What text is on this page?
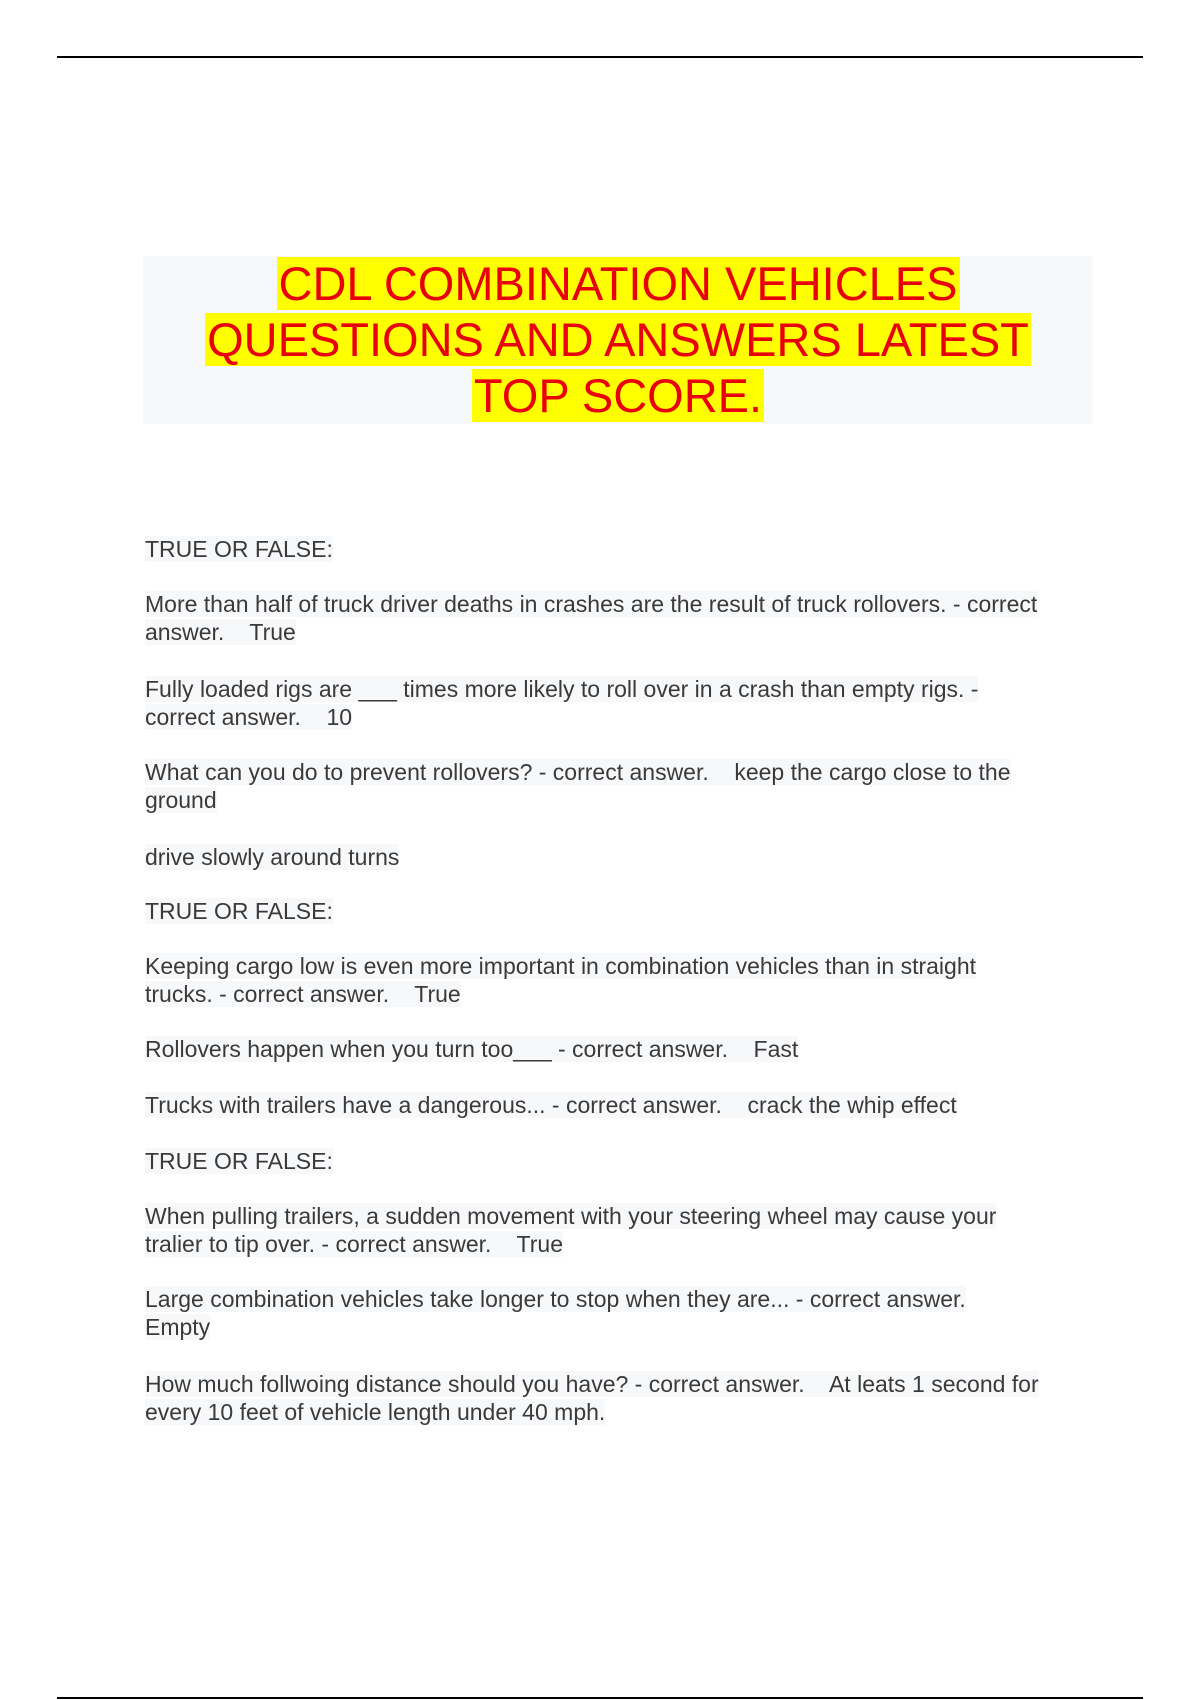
CDL COMBINATION VEHICLES
QUESTIONS AND ANSWERS LATEST
TOP SCORE.

TRUE OR FALSE:

More than half of truck driver deaths in crashes are the result of truck rollovers. - correct
answer.    True

Fully loaded rigs are ___ times more likely to roll over in a crash than empty rigs. -
correct answer.    10

What can you do to prevent rollovers? - correct answer.    keep the cargo close to the
ground

drive slowly around turns

TRUE OR FALSE:

Keeping cargo low is even more important in combination vehicles than in straight
trucks. - correct answer.    True

Rollovers happen when you turn too___ - correct answer.    Fast

Trucks with trailers have a dangerous... - correct answer.    crack the whip effect

TRUE OR FALSE:

When pulling trailers, a sudden movement with your steering wheel may cause your
tralier to tip over. - correct answer.    True

Large combination vehicles take longer to stop when they are... - correct answer.
Empty

How much follwoing distance should you have? - correct answer.    At leats 1 second for
every 10 feet of vehicle length under 40 mph.
